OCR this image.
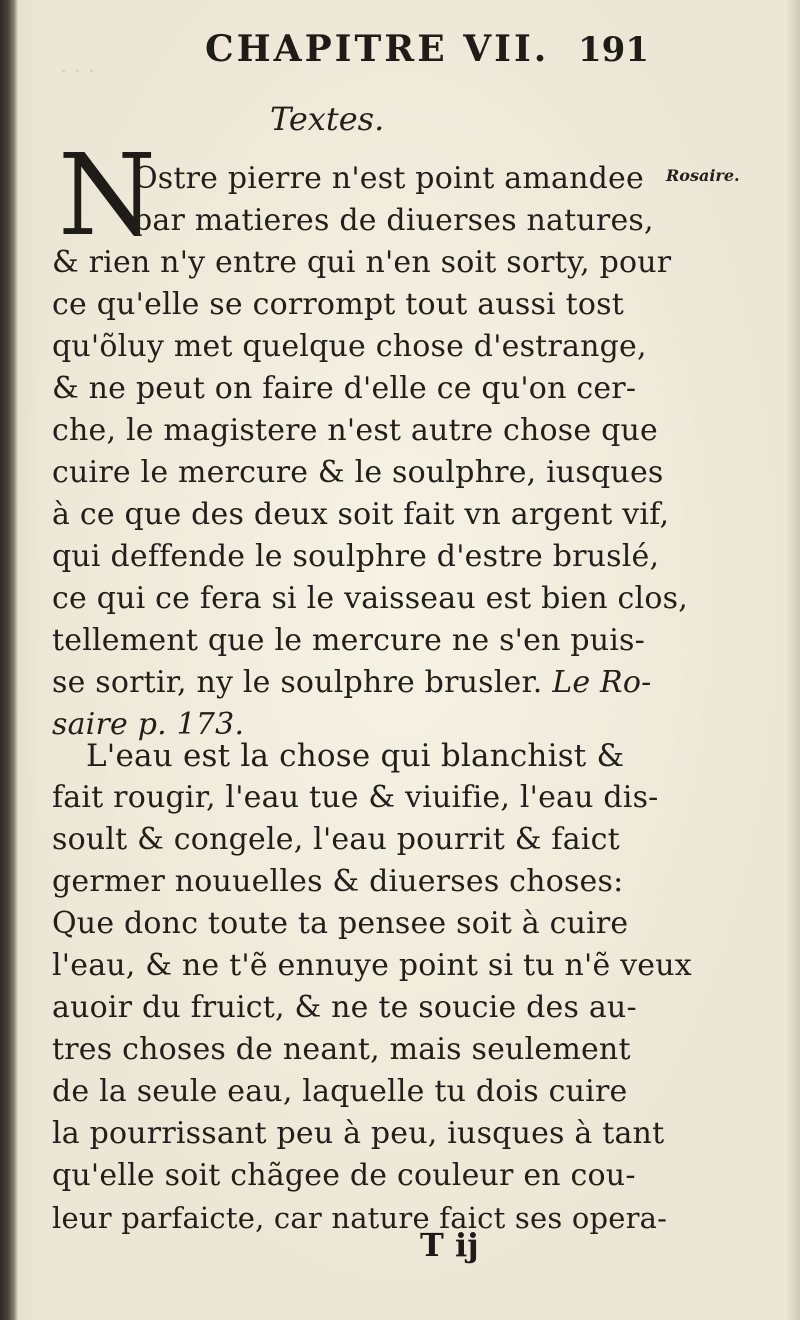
· · ·
CHAPITRE VII. 191
Textes.
Rosaire.
N
Ostre pierre n'est point amandee
par matieres de diuerses natures,
& rien n'y entre qui n'en soit sorty, pour
ce qu'elle se corrompt tout aussi tost
qu'õluy met quelque chose d'estrange,
& ne peut on faire d'elle ce qu'on cer-
che, le magistere n'est autre chose que
cuire le mercure & le soulphre, iusques
à ce que des deux soit fait vn argent vif,
qui deffende le soulphre d'estre bruslé,
ce qui ce fera si le vaisseau est bien clos,
tellement que le mercure ne s'en puis-
se sortir, ny le soulphre brusler. Le Ro-
saire p. 173.
L'eau est la chose qui blanchist &
fait rougir, l'eau tue & viuifie, l'eau dis-
soult & congele, l'eau pourrit & faict
germer nouuelles & diuerses choses:
Que donc toute ta pensee soit à cuire
l'eau, & ne t'ẽ ennuye point si tu n'ẽ veux
auoir du fruict, & ne te soucie des au-
tres choses de neant, mais seulement
de la seule eau, laquelle tu dois cuire
la pourrissant peu à peu, iusques à tant
qu'elle soit chãgee de couleur en cou-
leur parfaicte, car nature faict ses opera-
T ij
